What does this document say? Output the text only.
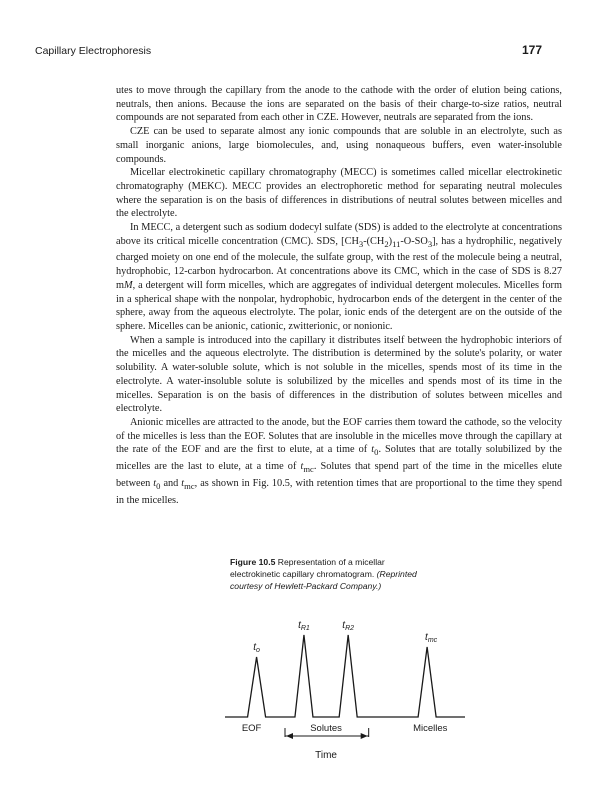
Capillary Electrophoresis	177

utes to move through the capillary from the anode to the cathode with the order of elution being cations, neutrals, then anions. Because the ions are separated on the basis of their charge-to-size ratios, neutral compounds are not separated from each other in CZE. However, neutrals are separated from the ions.

CZE can be used to separate almost any ionic compounds that are soluble in an electrolyte, such as small inorganic anions, large biomolecules, and, using nonaqueous buffers, even water-insoluble compounds.

Micellar electrokinetic capillary chromatography (MECC) is sometimes called micellar electrokinetic chromatography (MEKC). MECC provides an electrophoretic method for separating neutral molecules where the separation is on the basis of differences in distributions of neutral solutes between micelles and the electrolyte.

In MECC, a detergent such as sodium dodecyl sulfate (SDS) is added to the electrolyte at concentrations above its critical micelle concentration (CMC). SDS, $[CH_3-(CH_2)_{11}-O-SO_3]$, has a hydrophilic, negatively charged moiety on one end of the molecule, the sulfate group, with the rest of the molecule being a neutral, hydrophobic, 12-carbon hydrocarbon. At concentrations above its CMC, which in the case of SDS is 8.27 mM, a detergent will form micelles, which are aggregates of individual detergent molecules. Micelles form in a spherical shape with the nonpolar, hydrophobic, hydrocarbon ends of the detergent in the center of the sphere, away from the aqueous electrolyte. The polar, ionic ends of the detergent are on the outside of the sphere. Micelles can be anionic, cationic, zwitterionic, or nonionic.

When a sample is introduced into the capillary it distributes itself between the hydrophobic interiors of the micelles and the aqueous electrolyte. The distribution is determined by the solute's polarity, or water solubility. A water-soluble solute, which is not soluble in the micelles, spends most of its time in the electrolyte. A water-insoluble solute is solubilized by the micelles and spends most of its time in the micelles. Separation is on the basis of differences in the distribution of solutes between micelles and electrolyte.

Anionic micelles are attracted to the anode, but the EOF carries them toward the cathode, so the velocity of the micelles is less than the EOF. Solutes that are insoluble in the micelles move through the capillary at the rate of the EOF and are the first to elute, at a time of $t_0$. Solutes that are totally solubilized by the micelles are the last to elute, at a time of $t_{mc}$. Solutes that spend part of the time in the micelles elute between $t_0$ and $t_{mc}$, as shown in Fig. 10.5, with retention times that are proportional to the time they spend in the micelles.

Figure 10.5 Representation of a micellar electrokinetic capillary chromatogram. (Reprinted courtesy of Hewlett-Packard Company.)
$t_o$
$t_{R1}$	$t_{R2}$
$t_{mc}$
EOF	Solutes	Micelles
Time
